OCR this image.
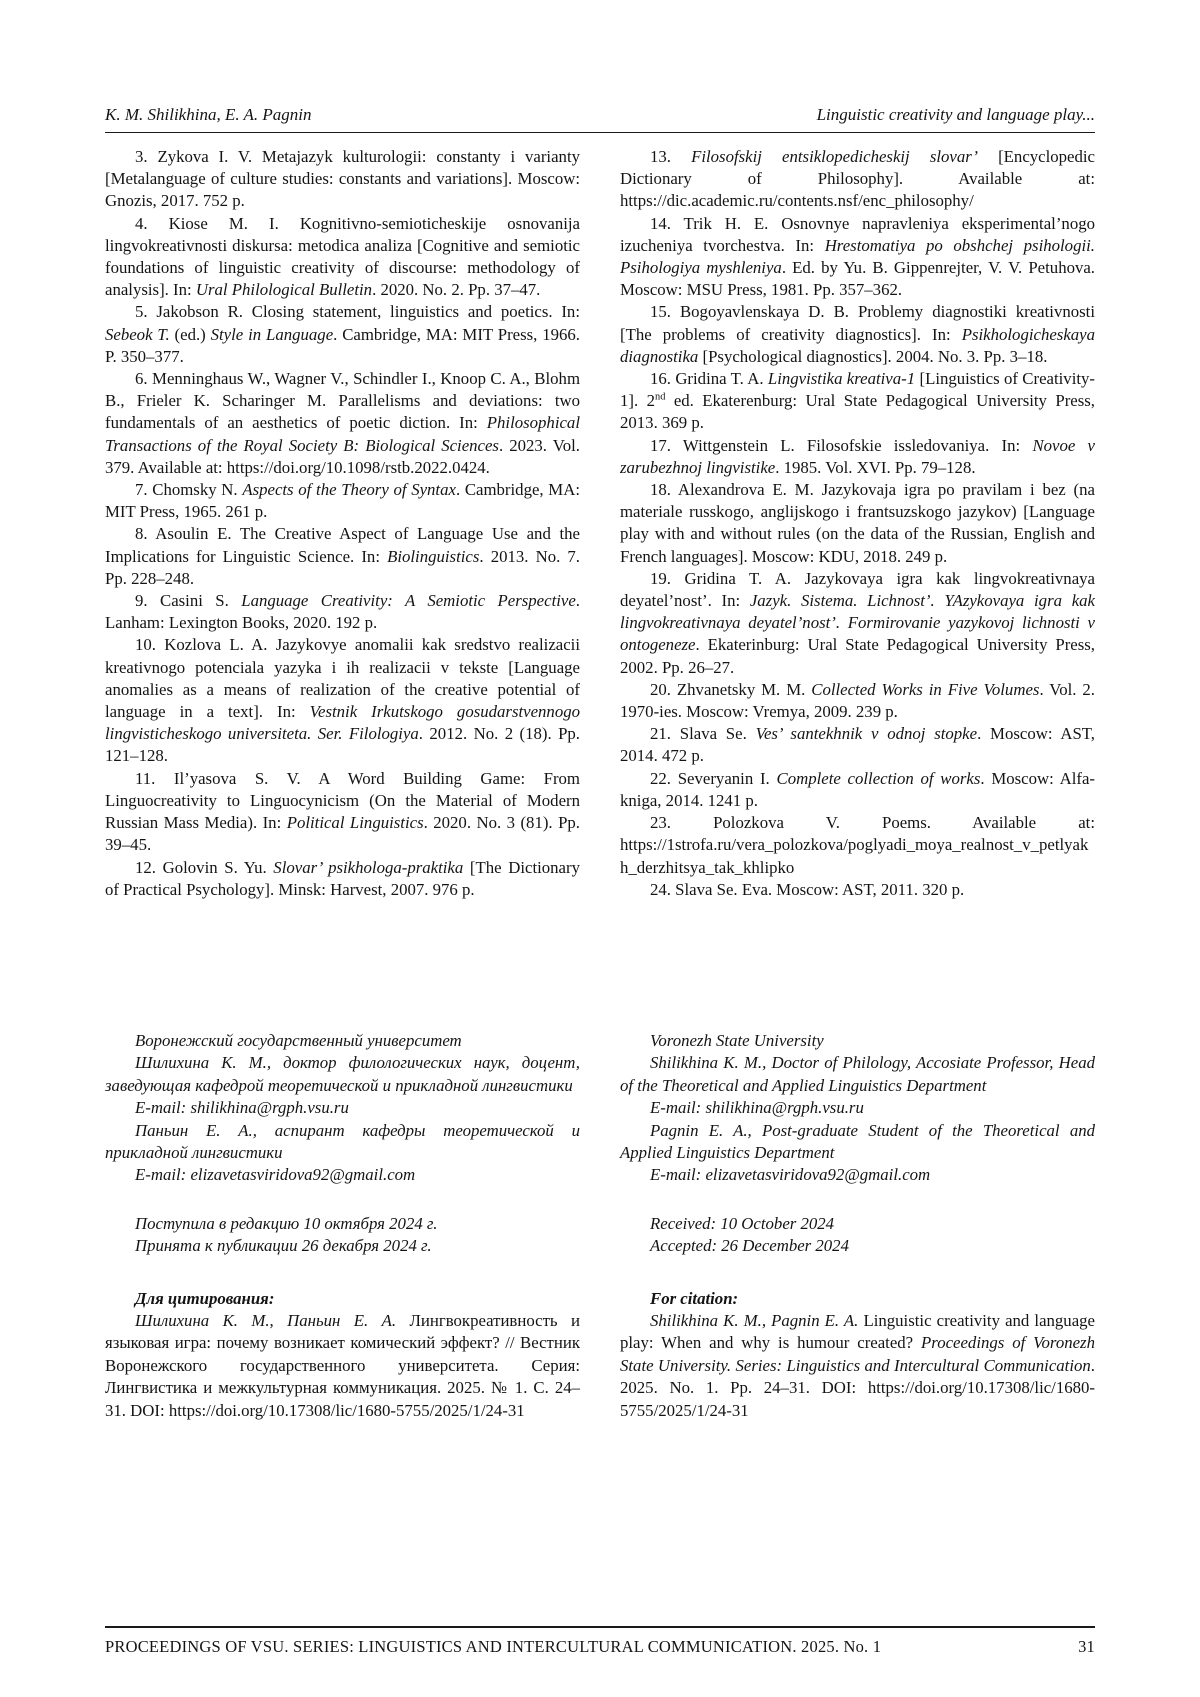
K. M. Shilikhina, E. A. Pagnin	Linguistic creativity and language play...

3. Zykova I. V. Metajazyk kulturologii: constanty i varianty [Metalanguage of culture studies: constants and variations]. Moscow: Gnozis, 2017. 752 p.

4. Kiose M. I. Kognitivno-semioticheskije osnovanija lingvokreativnosti diskursa: metodica analiza [Cognitive and semiotic foundations of linguistic creativity of discourse: methodology of analysis]. In: Ural Philological Bulletin. 2020. No. 2. Pp. 37–47.

5. Jakobson R. Closing statement, linguistics and poetics. In: Sebeok T. (ed.) Style in Language. Cambridge, MA: MIT Press, 1966. P. 350–377.

6. Menninghaus W., Wagner V., Schindler I., Knoop C. A., Blohm B., Frieler K. Scharinger M. Parallelisms and deviations: two fundamentals of an aesthetics of poetic diction. In: Philosophical Transactions of the Royal Society B: Biological Sciences. 2023. Vol. 379. Available at: https://doi.org/10.1098/rstb.2022.0424.

7. Chomsky N. Aspects of the Theory of Syntax. Cambridge, MA: MIT Press, 1965. 261 p.

8. Asoulin E. The Creative Aspect of Language Use and the Implications for Linguistic Science. In: Biolinguistics. 2013. No. 7. Pp. 228–248.

9. Casini S. Language Creativity: A Semiotic Perspective. Lanham: Lexington Books, 2020. 192 p.

10. Kozlova L. A. Jazykovye anomalii kak sredstvo realizacii kreativnogo potenciala yazyka i ih realizacii v tekste [Language anomalies as a means of realization of the creative potential of language in a text]. In: Vestnik Irkutskogo gosudarstvennogo lingvisticheskogo universiteta. Ser. Filologiya. 2012. No. 2 (18). Pp. 121–128.

11. Il’yasova S. V. A Word Building Game: From Linguocreativity to Linguocynicism (On the Material of Modern Russian Mass Media). In: Political Linguistics. 2020. No. 3 (81). Pp. 39–45.

12. Golovin S. Yu. Slovar’ psikhologa-praktika [The Dictionary of Practical Psychology]. Minsk: Harvest, 2007. 976 p.

Воронежский государственный университет

Шилихина К. М., доктор филологических наук, доцент, заведующая кафедрой теоретической и прикладной лингвистики

E-mail: shilikhina@rgph.vsu.ru

Паньин Е. А., аспирант кафедры теоретической и прикладной лингвистики

E-mail: elizavetasviridova92@gmail.com

Поступила в редакцию 10 октября 2024 г.

Принята к публикации 26 декабря 2024 г.

Для цитирования:

Шилихина К. М., Паньин Е. А. Лингвокреативность и языковая игра: почему возникает комический эффект? // Вестник Воронежского государственного университета. Серия: Лингвистика и межкультурная коммуникация. 2025. № 1. С. 24–31. DOI: https://doi.org/10.17308/lic/1680-5755/2025/1/24-31

13. Filosofskij entsiklopedicheskij slovar’ [Encyclopedic Dictionary of Philosophy]. Available at: https://dic.academic.ru/contents.nsf/enc_philosophy/

14. Trik H. E. Osnovnye napravleniya eksperimental’nogo izucheniya tvorchestva. In: Hrestomatiya po obshchej psihologii. Psihologiya myshleniya. Ed. by Yu. B. Gippenrejter, V. V. Petuhova. Moscow: MSU Press, 1981. Pp. 357–362.

15. Bogoyavlenskaya D. B. Problemy diagnostiki kreativnosti [The problems of creativity diagnostics]. In: Psikhologicheskaya diagnostika [Psychological diagnostics]. 2004. No. 3. Pp. 3–18.

16. Gridina T. A. Lingvistika kreativa-1 [Linguistics of Creativity-1]. 2nd ed. Ekaterenburg: Ural State Pedagogical University Press, 2013. 369 p.

17. Wittgenstein L. Filosofskie issledovaniya. In: Novoe v zarubezhnoj lingvistike. 1985. Vol. XVI. Pp. 79–128.

18. Alexandrova E. M. Jazykovaja igra po pravilam i bez (na materiale russkogo, anglijskogo i frantsuzskogo jazykov) [Language play with and without rules (on the data of the Russian, English and French languages]. Moscow: KDU, 2018. 249 p.

19. Gridina T. A. Jazykovaya igra kak lingvokreativnaya deyatel’nost’. In: Jazyk. Sistema. Lichnost’. YAzykovaya igra kak lingvokreativnaya deyatel’nost’. Formirovanie yazykovoj lichnosti v ontogeneze. Ekaterinburg: Ural State Pedagogical University Press, 2002. Pp. 26–27.

20. Zhvanetsky M. M. Collected Works in Five Volumes. Vol. 2. 1970-ies. Moscow: Vremya, 2009. 239 p.

21. Slava Se. Ves’ santekhnik v odnoj stopke. Moscow: AST, 2014. 472 p.

22. Severyanin I. Complete collection of works. Moscow: Alfa-kniga, 2014. 1241 p.

23. Polozkova V. Poems. Available at: https://1strofa.ru/vera_polozkova/poglyadi_moya_realnost_v_petlyakh_derzhitsya_tak_khlipko

24. Slava Se. Eva. Moscow: AST, 2011. 320 p.

Voronezh State University

Shilikhina K. M., Doctor of Philology, Accosiate Professor, Head of the Theoretical and Applied Linguistics Department

E-mail: shilikhina@rgph.vsu.ru

Pagnin E. A., Post-graduate Student of the Theoretical and Applied Linguistics Department

E-mail: elizavetasviridova92@gmail.com

Received: 10 October 2024

Accepted: 26 December 2024

For citation:

Shilikhina K. M., Pagnin E. A. Linguistic creativity and language play: When and why is humour created? Proceedings of Voronezh State University. Series: Linguistics and Intercultural Communication. 2025. No. 1. Pp. 24–31. DOI: https://doi.org/10.17308/lic/1680-5755/2025/1/24-31

PROCEEDINGS OF VSU. SERIES: LINGUISTICS AND INTERCULTURAL COMMUNICATION. 2025. No. 1	31
